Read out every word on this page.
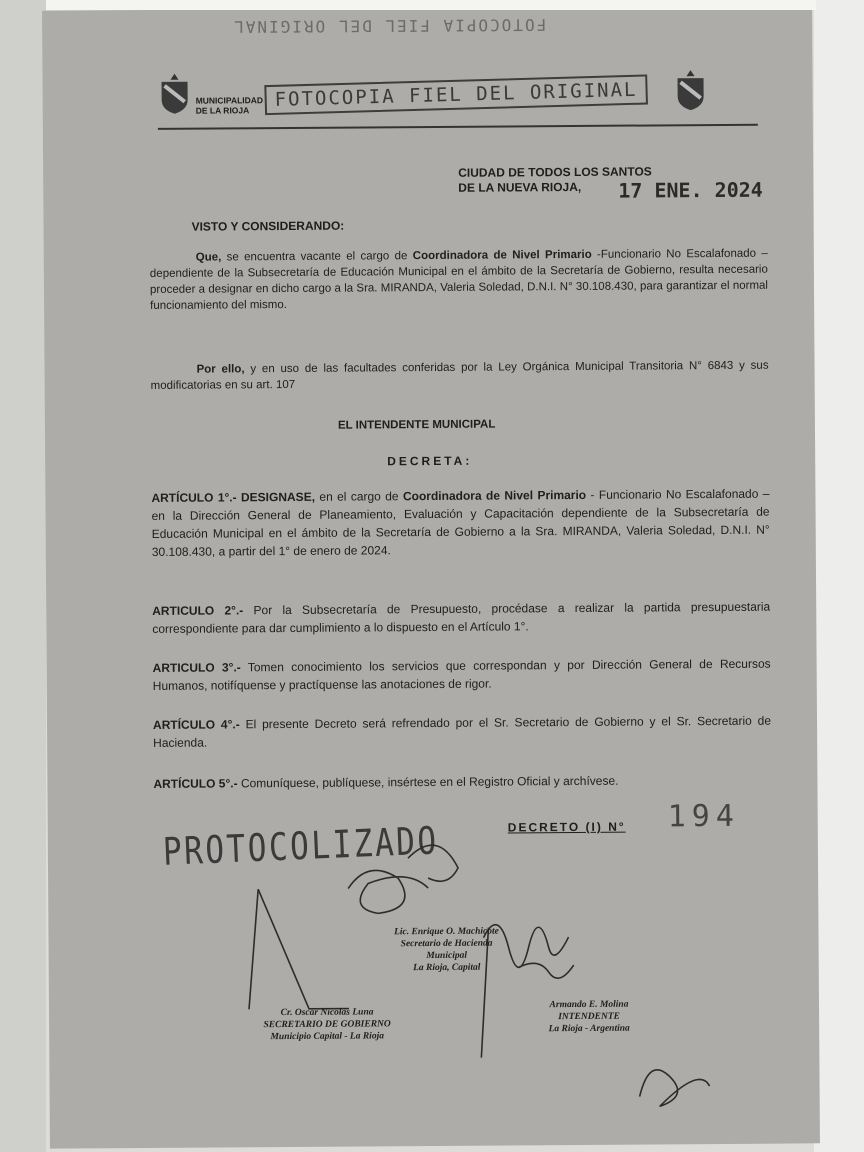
FOTOCOPIA FIEL DEL ORIGINAL
MUNICIPALIDAD
DE LA RIOJA	FOTOCOPIA FIEL DEL ORIGINAL
CIUDAD DE TODOS LOS SANTOS
DE LA NUEVA RIOJA,	17 ENE. 2024
VISTO Y CONSIDERANDO:
Que, se encuentra vacante el cargo de Coordinadora de Nivel Primario -Funcionario No Escalafonado – dependiente de la Subsecretaría de Educación Municipal en el ámbito de la Secretaría de Gobierno, resulta necesario proceder a designar en dicho cargo a la Sra. MIRANDA, Valeria Soledad, D.N.I. N° 30.108.430, para garantizar el normal funcionamiento del mismo.
Por ello, y en uso de las facultades conferidas por la Ley Orgánica Municipal Transitoria N° 6843 y sus modificatorias en su art. 107
EL INTENDENTE MUNICIPAL
DECRETA:
ARTÍCULO 1°.- DESIGNASE, en el cargo de Coordinadora de Nivel Primario - Funcionario No Escalafonado – en la Dirección General de Planeamiento, Evaluación y Capacitación dependiente de la Subsecretaría de Educación Municipal en el ámbito de la Secretaría de Gobierno a la Sra. MIRANDA, Valeria Soledad, D.N.I. N° 30.108.430, a partir del 1° de enero de 2024.
ARTICULO 2°.- Por la Subsecretaría de Presupuesto, procédase a realizar la partida presupuestaria correspondiente para dar cumplimiento a lo dispuesto en el Artículo 1°.
ARTICULO 3°.- Tomen conocimiento los servicios que correspondan y por Dirección General de Recursos Humanos, notifíquense y practíquense las anotaciones de rigor.
ARTÍCULO 4°.- El presente Decreto será refrendado por el Sr. Secretario de Gobierno y el Sr. Secretario de Hacienda.
ARTÍCULO 5°.- Comuníquese, publíquese, insértese en el Registro Oficial y archívese.
PROTOCOLIZADO	DECRETO (I) N° 194
Lic. Enrique O. Machicote
Secretario de Hacienda
Municipal
La Rioja, Capital
Cr. Oscar Nicolás Luna
SECRETARIO DE GOBIERNO
Municipio Capital - La Rioja
Armando E. Molina
INTENDENTE
La Rioja - Argentina
